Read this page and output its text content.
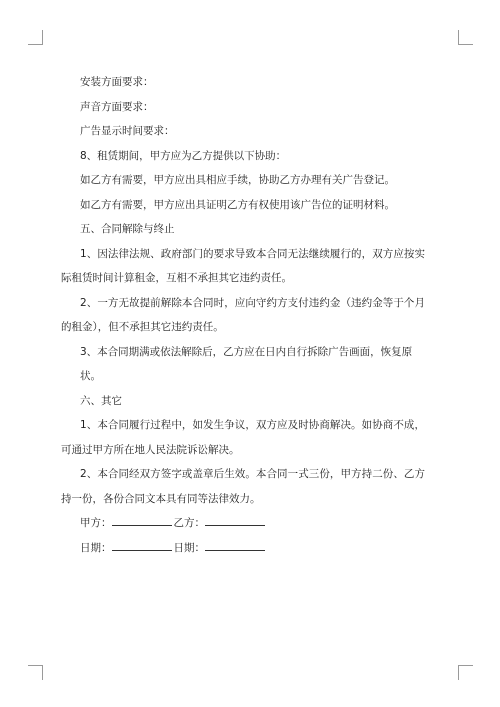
安装方面要求：

声音方面要求：

广告显示时间要求：

8、租赁期间，甲方应为乙方提供以下协助：

如乙方有需要，甲方应出具相应手续，协助乙方办理有关广告登记。

如乙方有需要，甲方应出具证明乙方有权使用该广告位的证明材料。

五、合同解除与终止

1、因法律法规、政府部门的要求导致本合同无法继续履行的，双方应按实际租赁时间计算租金，互相不承担其它违约责任。

2、一方无故提前解除本合同时，应向守约方支付违约金（违约金等于个月的租金），但不承担其它违约责任。

3、本合同期满或依法解除后，乙方应在日内自行拆除广告画面，恢复原状。

六、其它

1、本合同履行过程中，如发生争议，双方应及时协商解决。如协商不成，可通过甲方所在地人民法院诉讼解决。

2、本合同经双方签字或盖章后生效。本合同一式三份，甲方持二份、乙方持一份，各份合同文本具有同等法律效力。

甲方：	乙方：

日期：	日期：
